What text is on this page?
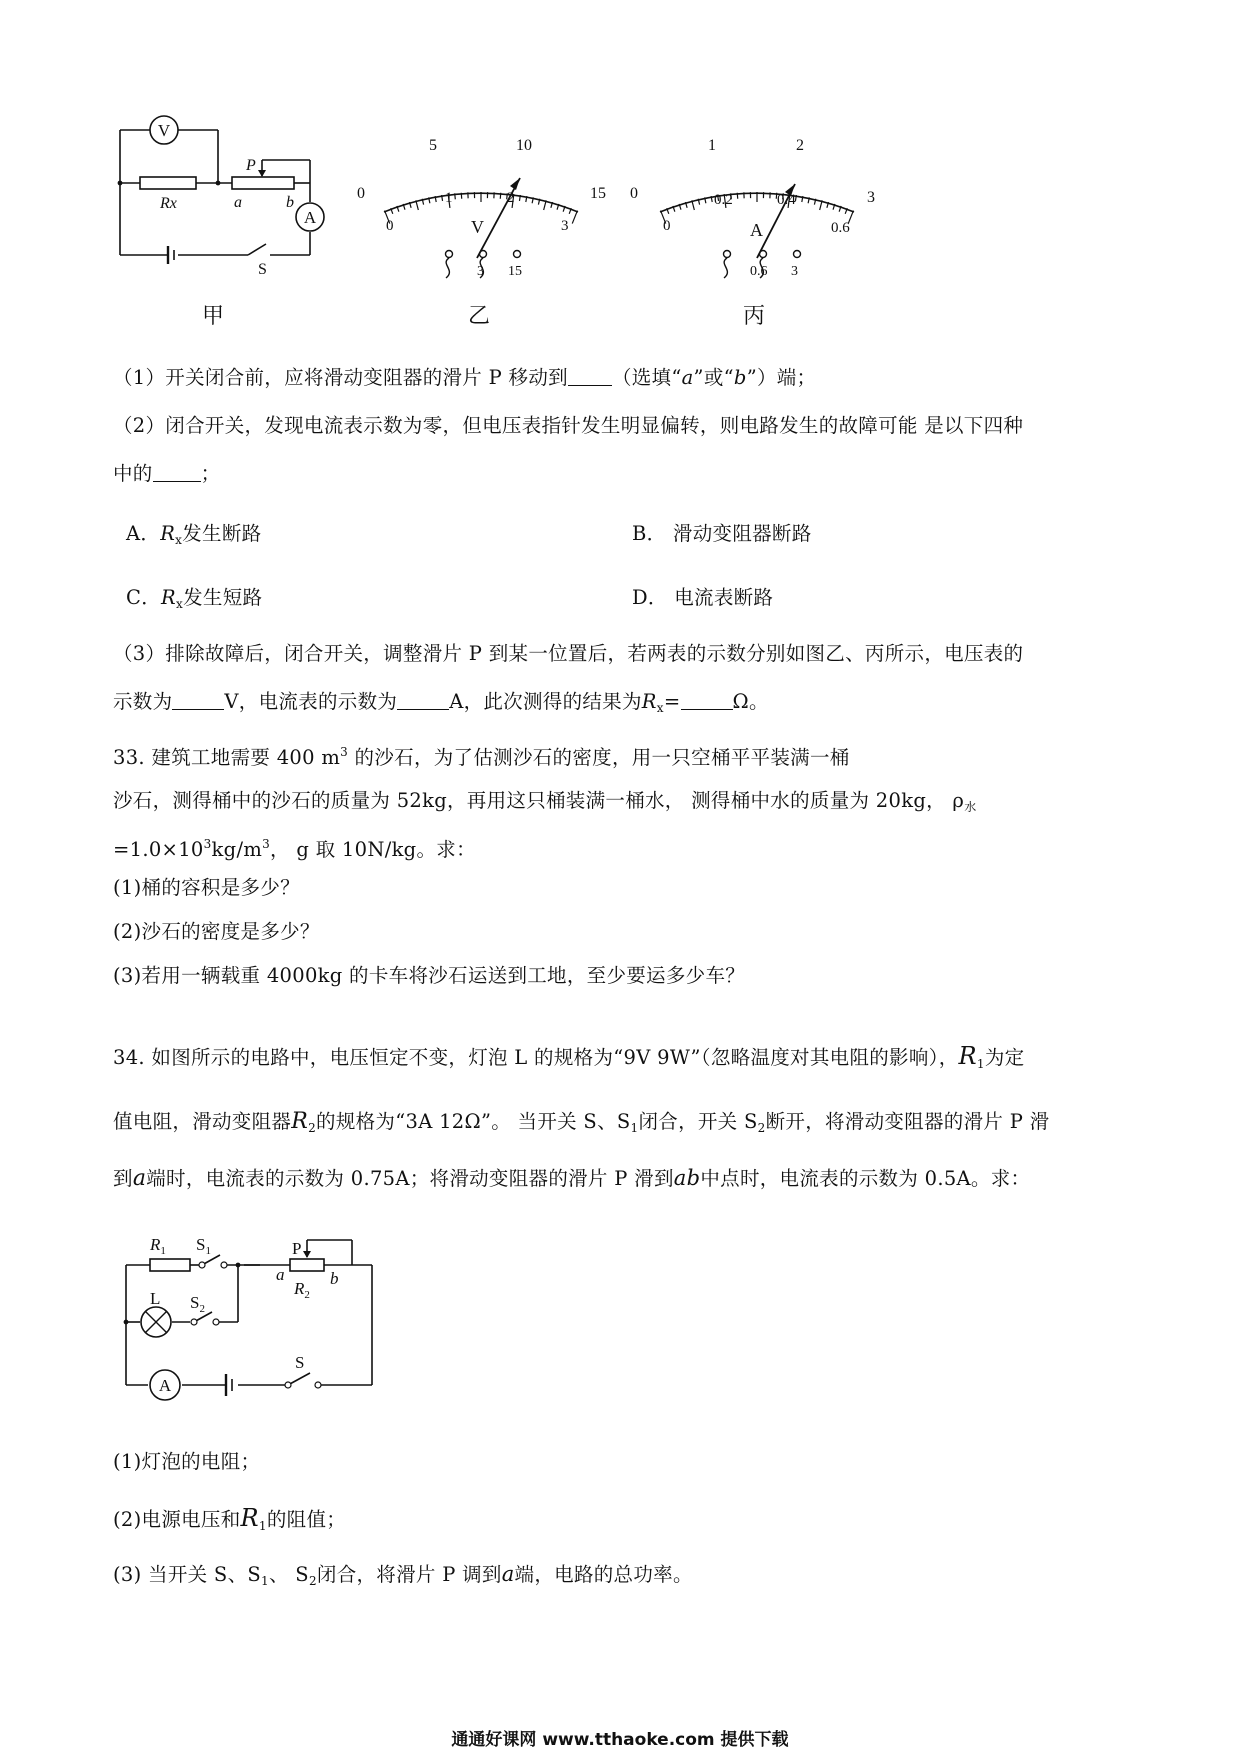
V
A
P
Rx	a	b
S
0
5	10
15
0
1	2
3
V
3 15
乙
0
1	2
3
0
0.2	0.4
0.6
A
0.6 3
丙
甲
（1）开关闭合前，应将滑动变阻器的滑片 P 移动到 （选填“a”或“b”）端；
（2）闭合开关，发现电流表示数为零，但电压表指针发生明显偏转，则电路发生的故障可能 是以下四种
中的 ；
A．$R_x$发生断路	B． 滑动变阻器断路
C．$R_x$发生短路	D． 电流表断路
（3）排除故障后，闭合开关，调整滑片 P 到某一位置后，若两表的示数分别如图乙、丙所示，电压表的
示数为	V，电流表的示数为	A，此次测得的结果为$R_x=$	Ω。
33. 建筑工地需要 400 $m^3$ 的沙石，为了估测沙石的密度，用一只空桶平平装满一桶
沙石，测得桶中的沙石的质量为 52kg，再用这只桶装满一桶水， 测得桶中水的质量为 20kg， $\rho_水$
$=1.0\times 10^3kg/m^3$， g 取 10N/kg。求：
(1)桶的容积是多少？
(2)沙石的密度是多少？
(3)若用一辆载重 4000kg 的卡车将沙石运送到工地，至少要运多少车？
34. 如图所示的电路中，电压恒定不变，灯泡 L 的规格为“9V 9W”（忽略温度对其电阻的影响），$R_1$为定
值电阻，滑动变阻器$R_2$的规格为“3A 12Ω”。 当开关 S、$S_1$闭合，开关 $S_2$断开，将滑动变阻器的滑片 P 滑
到a端时，电流表的示数为 0.75A；将滑动变阻器的滑片 P 滑到ab中点时，电流表的示数为 0.5A。求：
A
$R_1$ $S_1$	P
a	b
$R_2$
L $S_2$
S
(1)灯泡的电阻；
(2)电源电压和$R_1$的阻值；
(3) 当开关 S、$S_1$、 $S_2$闭合，将滑片 P 调到a端，电路的总功率。
通通好课网 www.tthaoke.com 提供下载
